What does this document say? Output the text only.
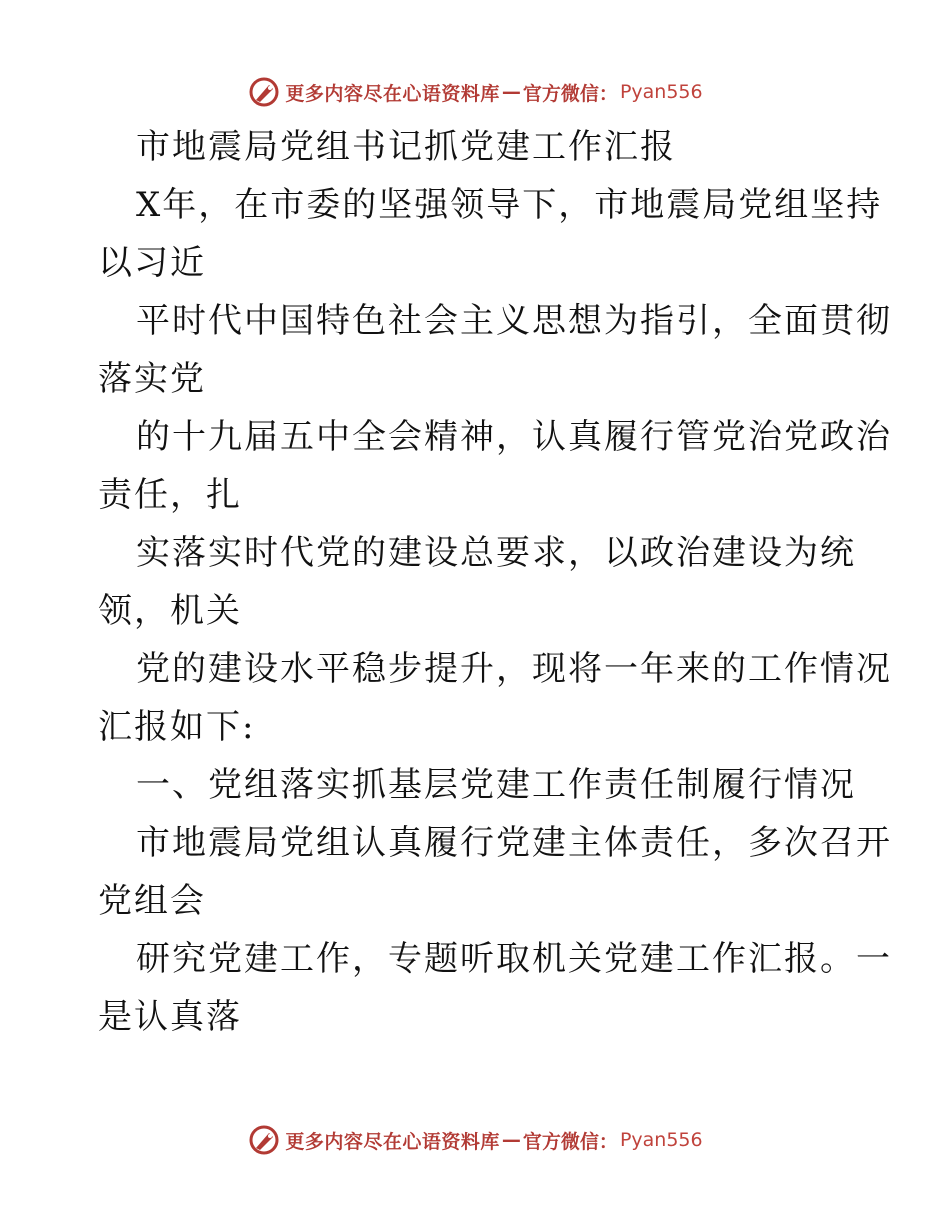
更多内容尽在心语资料库 — 官方微信： Pyan556
市地震局党组书记抓党建工作汇报
X年，在市委的坚强领导下，市地震局党组坚持
以习近
平时代中国特色社会主义思想为指引，全面贯彻
落实党
的十九届五中全会精神，认真履行管党治党政治
责任，扎
实落实时代党的建设总要求，以政治建设为统
领，机关
党的建设水平稳步提升，现将一年来的工作情况
汇报如下:
一、党组落实抓基层党建工作责任制履行情况
市地震局党组认真履行党建主体责任，多次召开
党组会
研究党建工作，专题听取机关党建工作汇报。一
是认真落
更多内容尽在心语资料库 — 官方微信： Pyan556
